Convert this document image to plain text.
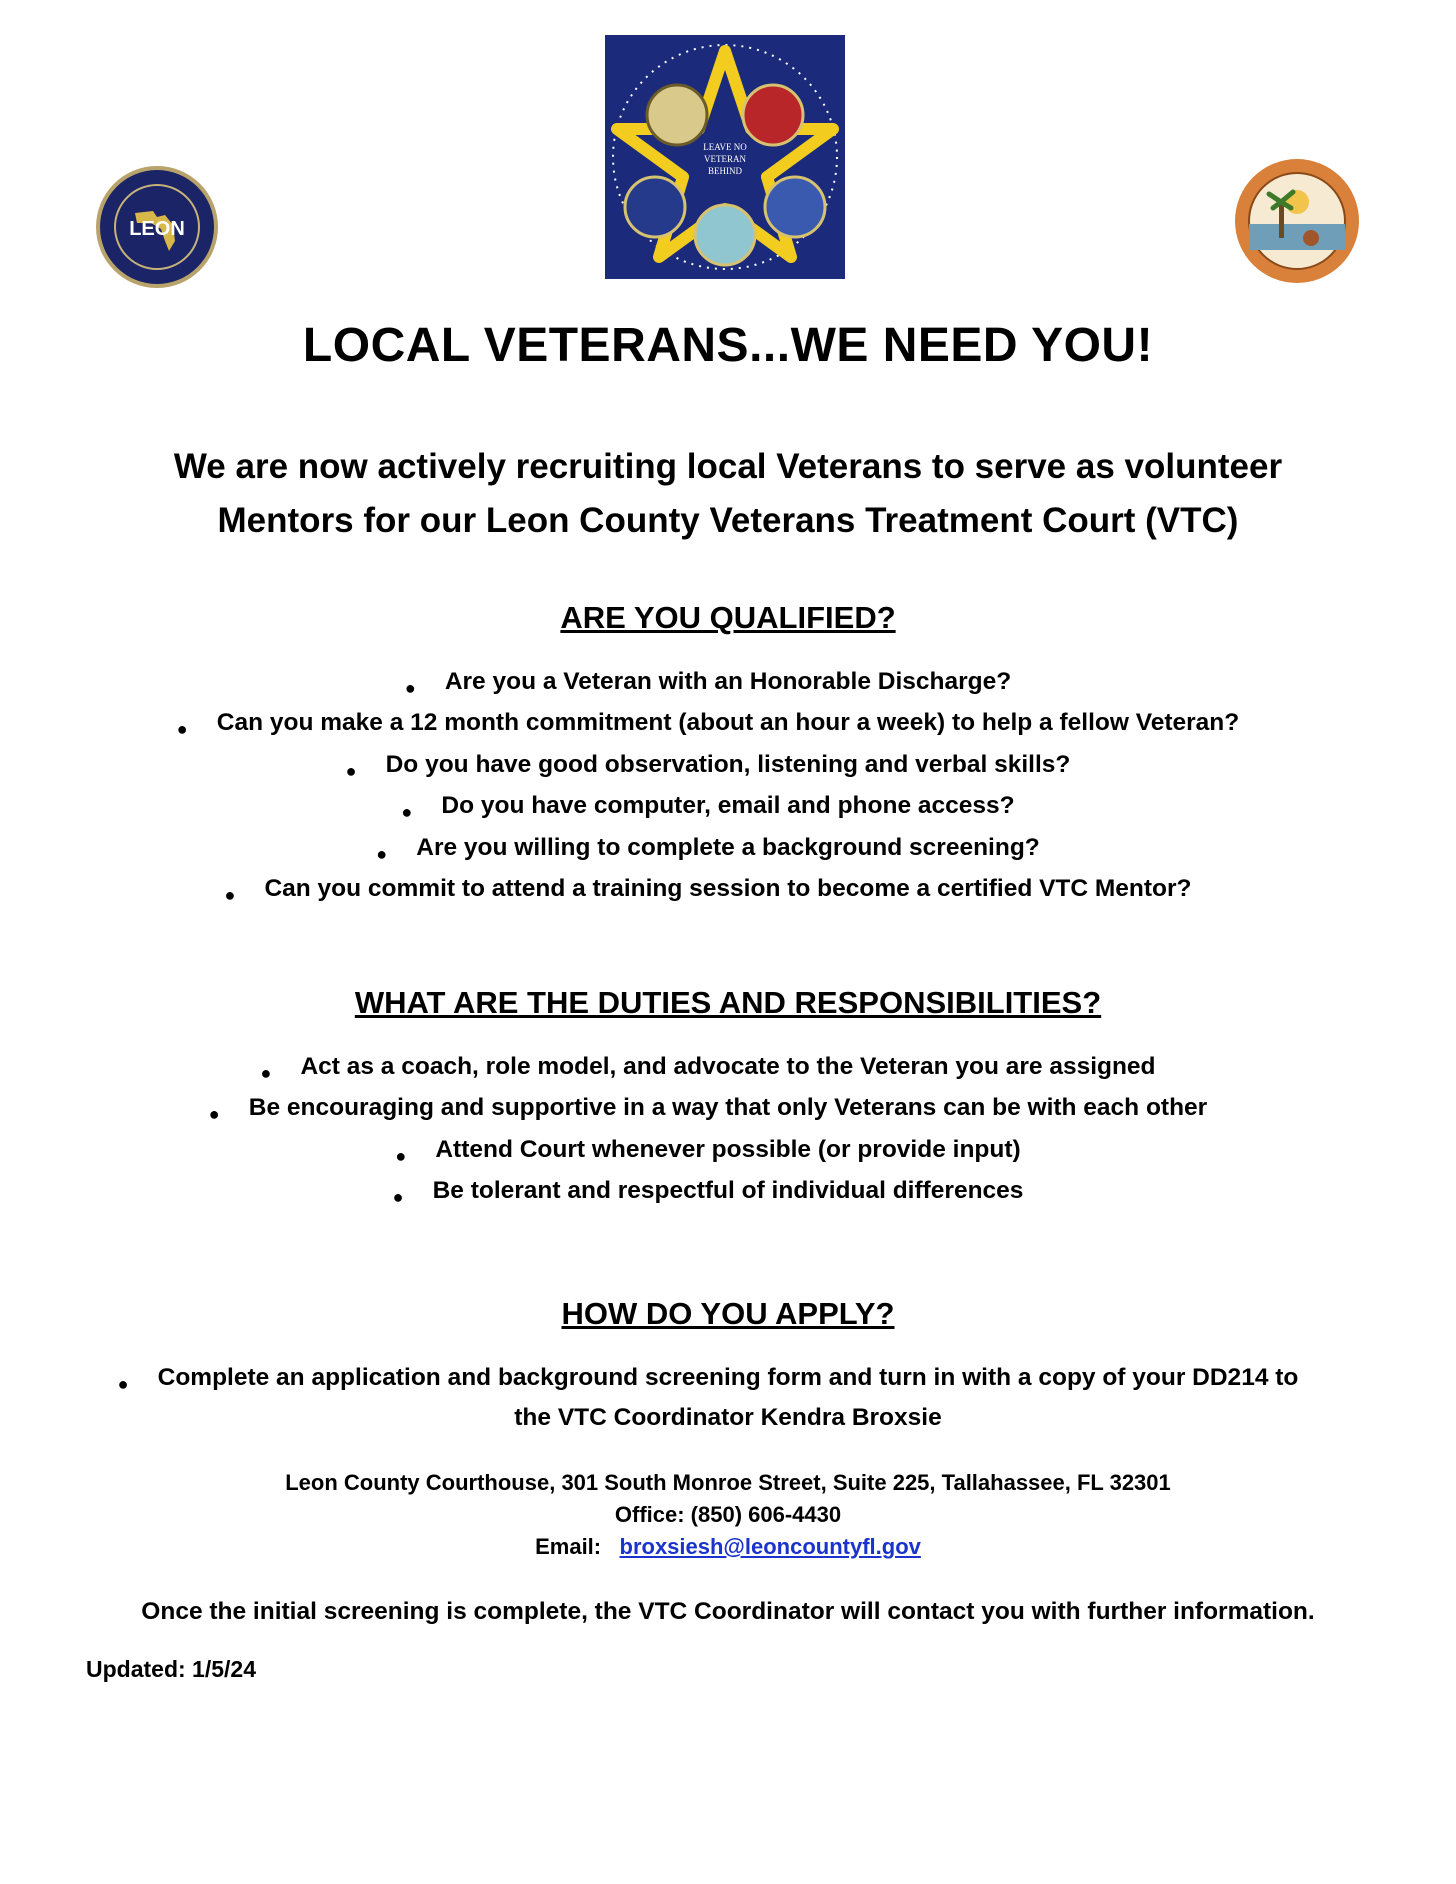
LEON
LEAVE NO
VETERAN
BEHIND
LOCAL VETERANS...WE NEED YOU!
We are now actively recruiting local Veterans to serve as volunteer
Mentors for our Leon County Veterans Treatment Court (VTC)
ARE YOU QUALIFIED?
● Are you a Veteran with an Honorable Discharge?
● Can you make a 12 month commitment (about an hour a week) to help a fellow Veteran?
● Do you have good observation, listening and verbal skills?
● Do you have computer, email and phone access?
● Are you willing to complete a background screening?
● Can you commit to attend a training session to become a certified VTC Mentor?
WHAT ARE THE DUTIES AND RESPONSIBILITIES?
● Act as a coach, role model, and advocate to the Veteran you are assigned
● Be encouraging and supportive in a way that only Veterans can be with each other
● Attend Court whenever possible (or provide input)
● Be tolerant and respectful of individual differences
HOW DO YOU APPLY?
● Complete an application and background screening form and turn in with a copy of your DD214 to
the VTC Coordinator Kendra Broxsie
Leon County Courthouse, 301 South Monroe Street, Suite 225, Tallahassee, FL 32301
Office: (850) 606-4430
Email: broxsiesh@leoncountyfl.gov
Once the initial screening is complete, the VTC Coordinator will contact you with further information.
Updated: 1/5/24
